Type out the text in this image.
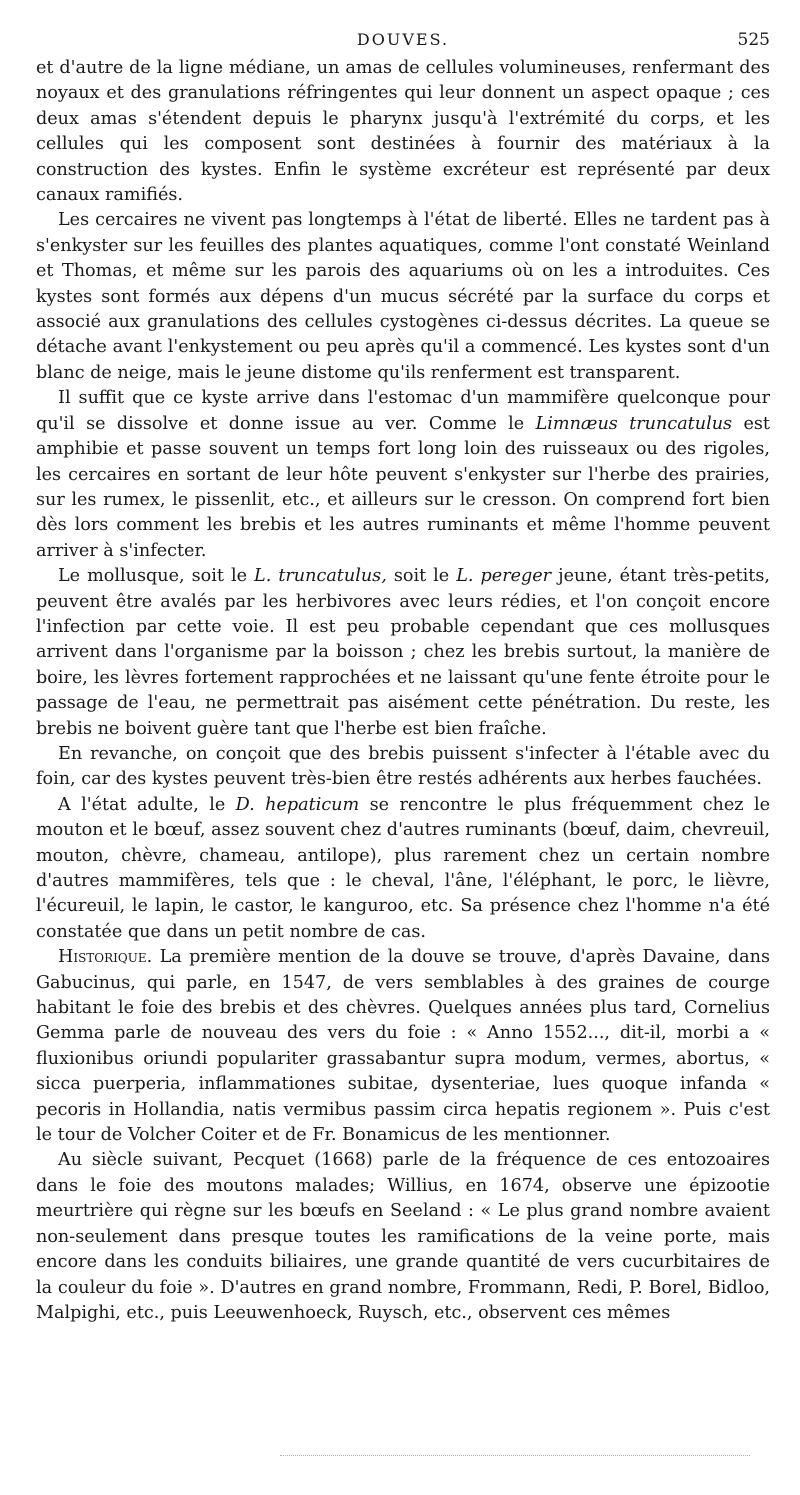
DOUVES.	525

et d'autre de la ligne médiane, un amas de cellules volumineuses, renfermant des noyaux et des granulations réfringentes qui leur donnent un aspect opaque ; ces deux amas s'étendent depuis le pharynx jusqu'à l'extrémité du corps, et les cellules qui les composent sont destinées à fournir des matériaux à la construction des kystes. Enfin le système excréteur est représenté par deux canaux ramifiés.

Les cercaires ne vivent pas longtemps à l'état de liberté. Elles ne tardent pas à s'enkyster sur les feuilles des plantes aquatiques, comme l'ont constaté Weinland et Thomas, et même sur les parois des aquariums où on les a introduites. Ces kystes sont formés aux dépens d'un mucus sécrété par la surface du corps et associé aux granulations des cellules cystogènes ci-dessus décrites. La queue se détache avant l'enkystement ou peu après qu'il a commencé. Les kystes sont d'un blanc de neige, mais le jeune distome qu'ils renferment est transparent.

Il suffit que ce kyste arrive dans l'estomac d'un mammifère quelconque pour qu'il se dissolve et donne issue au ver. Comme le Limnæus truncatulus est amphibie et passe souvent un temps fort long loin des ruisseaux ou des rigoles, les cercaires en sortant de leur hôte peuvent s'enkyster sur l'herbe des prairies, sur les rumex, le pissenlit, etc., et ailleurs sur le cresson. On comprend fort bien dès lors comment les brebis et les autres ruminants et même l'homme peuvent arriver à s'infecter.

Le mollusque, soit le L. truncatulus, soit le L. pereger jeune, étant très-petits, peuvent être avalés par les herbivores avec leurs rédies, et l'on conçoit encore l'infection par cette voie. Il est peu probable cependant que ces mollusques arrivent dans l'organisme par la boisson ; chez les brebis surtout, la manière de boire, les lèvres fortement rapprochées et ne laissant qu'une fente étroite pour le passage de l'eau, ne permettrait pas aisément cette pénétration. Du reste, les brebis ne boivent guère tant que l'herbe est bien fraîche.

En revanche, on conçoit que des brebis puissent s'infecter à l'étable avec du foin, car des kystes peuvent très-bien être restés adhérents aux herbes fauchées.

A l'état adulte, le D. hepaticum se rencontre le plus fréquemment chez le mouton et le bœuf, assez souvent chez d'autres ruminants (bœuf, daim, chevreuil, mouton, chèvre, chameau, antilope), plus rarement chez un certain nombre d'autres mammifères, tels que : le cheval, l'âne, l'éléphant, le porc, le lièvre, l'écureuil, le lapin, le castor, le kanguroo, etc. Sa présence chez l'homme n'a été constatée que dans un petit nombre de cas.

Historique. La première mention de la douve se trouve, d'après Davaine, dans Gabucinus, qui parle, en 1547, de vers semblables à des graines de courge habitant le foie des brebis et des chèvres. Quelques années plus tard, Cornelius Gemma parle de nouveau des vers du foie : « Anno 1552..., dit-il, morbi a « fluxionibus oriundi populariter grassabantur supra modum, vermes, abortus, « sicca puerperia, inflammationes subitae, dysenteriae, lues quoque infanda « pecoris in Hollandia, natis vermibus passim circa hepatis regionem ». Puis c'est le tour de Volcher Coiter et de Fr. Bonamicus de les mentionner.

Au siècle suivant, Pecquet (1668) parle de la fréquence de ces entozoaires dans le foie des moutons malades; Willius, en 1674, observe une épizootie meurtrière qui règne sur les bœufs en Seeland : « Le plus grand nombre avaient non-seulement dans presque toutes les ramifications de la veine porte, mais encore dans les conduits biliaires, une grande quantité de vers cucurbitaires de la couleur du foie ». D'autres en grand nombre, Frommann, Redi, P. Borel, Bidloo, Malpighi, etc., puis Leeuwenhoeck, Ruysch, etc., observent ces mêmes
